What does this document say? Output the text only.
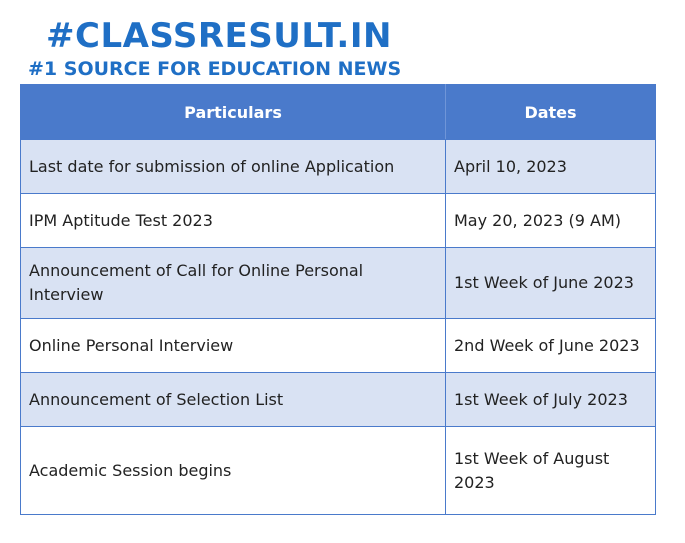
#CLASSRESULT.IN
#1 SOURCE FOR EDUCATION NEWS
Particulars	Dates
Last date for submission of online Application	April 10, 2023
IPM Aptitude Test 2023	May 20, 2023 (9 AM)
Announcement of Call for Online Personal Interview	1st Week of June 2023
Online Personal Interview	2nd Week of June 2023
Announcement of Selection List	1st Week of July 2023
Academic Session begins	1st Week of August 2023
